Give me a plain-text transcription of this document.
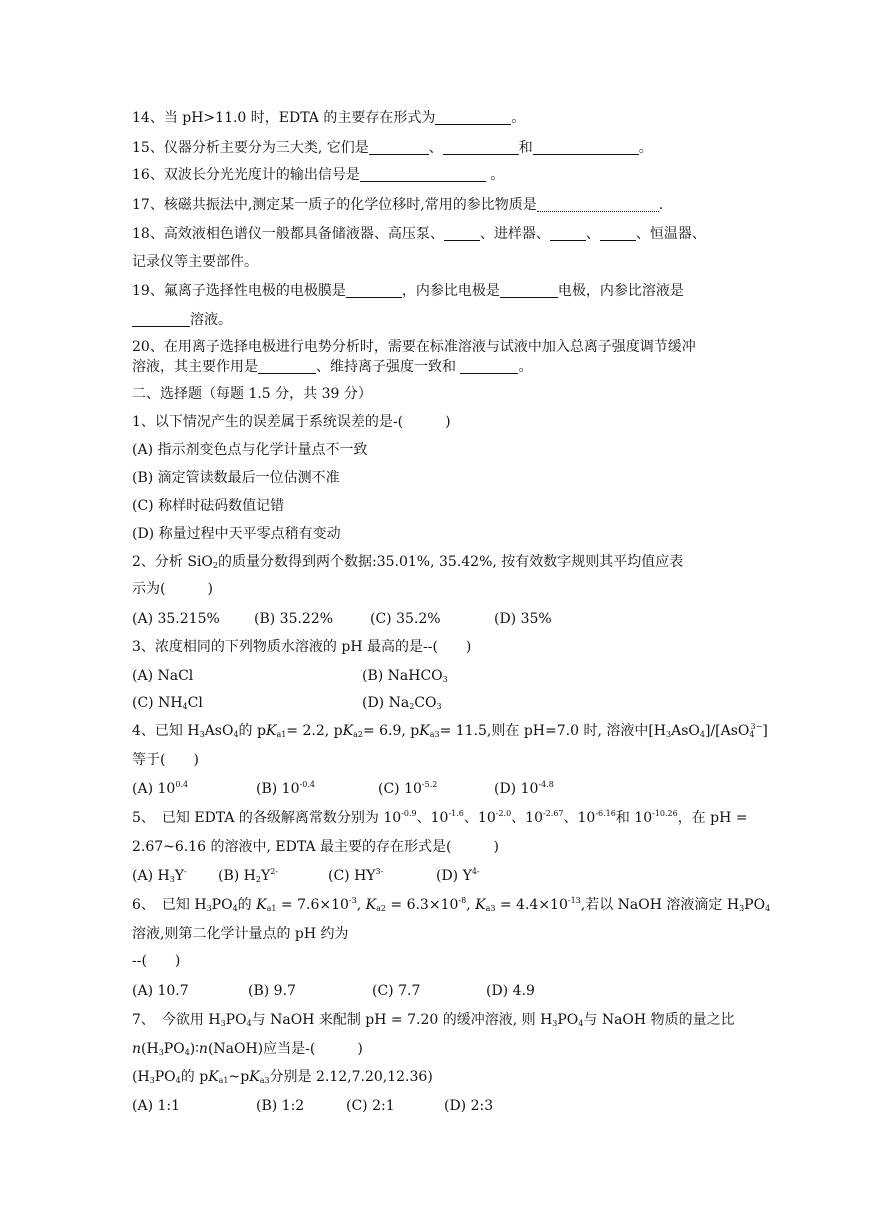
14、当 pH>11.0 时，EDTA 的主要存在形式为	。
15、仪器分析主要分为三大类, 它们是	、	和	。
16、双波长分光光度计的输出信号是	。
17、核磁共振法中,测定某一质子的化学位移时,常用的参比物质是	.
18、高效液相色谱仪一般都具备储液器、高压泵、	、进样器、	、	、恒温器、
记录仪等主要部件。
19、氟离子选择性电极的电极膜是	，内参比电极是	电极，内参比溶液是
溶液。
20、在用离子选择电极进行电势分析时，需要在标准溶液与试液中加入总离子强度调节缓冲
溶液，其主要作用是	、维持离子强度一致和	。
二、选择题（每题 1.5 分，共 39 分）
1、以下情况产生的误差属于系统误差的是-(　　　)
(A) 指示剂变色点与化学计量点不一致
(B) 滴定管读数最后一位估测不准
(C) 称样时砝码数值记错
(D) 称量过程中天平零点稍有变动
2、分析 SiO$_2$的质量分数得到两个数据:35.01%, 35.42%, 按有效数字规则其平均值应表
示为(　　　)
(A) 35.215% (B) 35.22%	(C) 35.2%	(D) 35%
3、浓度相同的下列物质水溶液的 pH 最高的是--(　　)
(A) NaCl	(B) NaHCO$_3$
(C) $NH_4Cl$	(D) $Na_2CO_3$
4、已知 $H_3AsO_4$的 $pK_{a1}= 2.2$, $pK_{a2}= 6.9$, $pK_{a3}= 11.5$,则在 pH=7.0 时, 溶液中$[H_3AsO_4]/[AsO_4^{3-}]$
等于(　　)
(A) $10^{0.4}$	(B) $10^{-0.4}$	(C) $10^{-5.2}$	(D) $10^{-4.8}$
5、　已知 EDTA 的各级解离常数分别为 $10^{-0.9}$、$10^{-1.6}$、$10^{-2.0}$、$10^{-2.67}$、$10^{-6.16}$和 $10^{-10.26}$，在 pH =
2.67~6.16 的溶液中, EDTA 最主要的存在形式是(　　　)
(A) $H_3Y^-$ (B) $H_2Y^{2-}$	(C) $HY^{3-}$	(D) $Y^{4-}$
6、　已知 $H_3PO_4$的 $K_{a1} = 7.6\times 10^{-3}$, $K_{a2} = 6.3\times 10^{-8}$, $K_{a3} = 4.4\times 10^{-13}$,若以 NaOH 溶液滴定 $H_3PO_4$
溶液,则第二化学计量点的 pH 约为
--(　　)
(A) 10.7	(B) 9.7	(C) 7.7	(D) 4.9
7、　今欲用 $H_3PO_4$与 NaOH 来配制 pH = 7.20 的缓冲溶液, 则 $H_3PO_4$与 NaOH 物质的量之比
$n(H_3PO_4)∶n(NaOH)$应当是-(　　　)
($H_3PO_4$的 $pK_{a1}\sim pK_{a3}$分别是 2.12,7.20,12.36)
(A) 1:1	(B) 1:2	(C) 2:1	(D) 2:3
